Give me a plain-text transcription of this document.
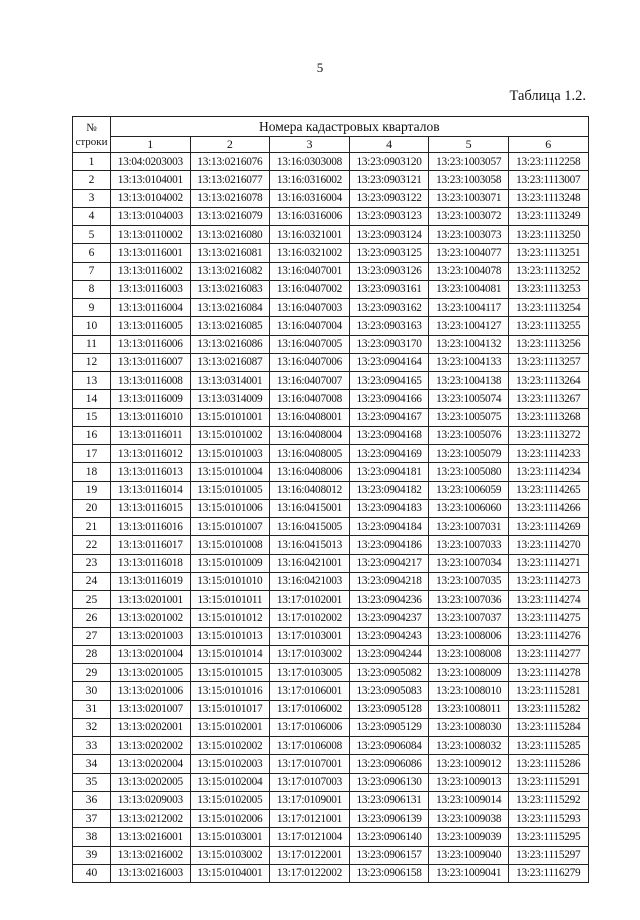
5
Таблица 1.2.
№
строки	Номера кадастровых кварталов					
	1	2	3	4	5	6
1	13:04:0203003	13:13:0216076	13:16:0303008	13:23:0903120	13:23:1003057	13:23:1112258
2	13:13:0104001	13:13:0216077	13:16:0316002	13:23:0903121	13:23:1003058	13:23:1113007
3	13:13:0104002	13:13:0216078	13:16:0316004	13:23:0903122	13:23:1003071	13:23:1113248
4	13:13:0104003	13:13:0216079	13:16:0316006	13:23:0903123	13:23:1003072	13:23:1113249
5	13:13:0110002	13:13:0216080	13:16:0321001	13:23:0903124	13:23:1003073	13:23:1113250
6	13:13:0116001	13:13:0216081	13:16:0321002	13:23:0903125	13:23:1004077	13:23:1113251
7	13:13:0116002	13:13:0216082	13:16:0407001	13:23:0903126	13:23:1004078	13:23:1113252
8	13:13:0116003	13:13:0216083	13:16:0407002	13:23:0903161	13:23:1004081	13:23:1113253
9	13:13:0116004	13:13:0216084	13:16:0407003	13:23:0903162	13:23:1004117	13:23:1113254
10	13:13:0116005	13:13:0216085	13:16:0407004	13:23:0903163	13:23:1004127	13:23:1113255
11	13:13:0116006	13:13:0216086	13:16:0407005	13:23:0903170	13:23:1004132	13:23:1113256
12	13:13:0116007	13:13:0216087	13:16:0407006	13:23:0904164	13:23:1004133	13:23:1113257
13	13:13:0116008	13:13:0314001	13:16:0407007	13:23:0904165	13:23:1004138	13:23:1113264
14	13:13:0116009	13:13:0314009	13:16:0407008	13:23:0904166	13:23:1005074	13:23:1113267
15	13:13:0116010	13:15:0101001	13:16:0408001	13:23:0904167	13:23:1005075	13:23:1113268
16	13:13:0116011	13:15:0101002	13:16:0408004	13:23:0904168	13:23:1005076	13:23:1113272
17	13:13:0116012	13:15:0101003	13:16:0408005	13:23:0904169	13:23:1005079	13:23:1114233
18	13:13:0116013	13:15:0101004	13:16:0408006	13:23:0904181	13:23:1005080	13:23:1114234
19	13:13:0116014	13:15:0101005	13:16:0408012	13:23:0904182	13:23:1006059	13:23:1114265
20	13:13:0116015	13:15:0101006	13:16:0415001	13:23:0904183	13:23:1006060	13:23:1114266
21	13:13:0116016	13:15:0101007	13:16:0415005	13:23:0904184	13:23:1007031	13:23:1114269
22	13:13:0116017	13:15:0101008	13:16:0415013	13:23:0904186	13:23:1007033	13:23:1114270
23	13:13:0116018	13:15:0101009	13:16:0421001	13:23:0904217	13:23:1007034	13:23:1114271
24	13:13:0116019	13:15:0101010	13:16:0421003	13:23:0904218	13:23:1007035	13:23:1114273
25	13:13:0201001	13:15:0101011	13:17:0102001	13:23:0904236	13:23:1007036	13:23:1114274
26	13:13:0201002	13:15:0101012	13:17:0102002	13:23:0904237	13:23:1007037	13:23:1114275
27	13:13:0201003	13:15:0101013	13:17:0103001	13:23:0904243	13:23:1008006	13:23:1114276
28	13:13:0201004	13:15:0101014	13:17:0103002	13:23:0904244	13:23:1008008	13:23:1114277
29	13:13:0201005	13:15:0101015	13:17:0103005	13:23:0905082	13:23:1008009	13:23:1114278
30	13:13:0201006	13:15:0101016	13:17:0106001	13:23:0905083	13:23:1008010	13:23:1115281
31	13:13:0201007	13:15:0101017	13:17:0106002	13:23:0905128	13:23:1008011	13:23:1115282
32	13:13:0202001	13:15:0102001	13:17:0106006	13:23:0905129	13:23:1008030	13:23:1115284
33	13:13:0202002	13:15:0102002	13:17:0106008	13:23:0906084	13:23:1008032	13:23:1115285
34	13:13:0202004	13:15:0102003	13:17:0107001	13:23:0906086	13:23:1009012	13:23:1115286
35	13:13:0202005	13:15:0102004	13:17:0107003	13:23:0906130	13:23:1009013	13:23:1115291
36	13:13:0209003	13:15:0102005	13:17:0109001	13:23:0906131	13:23:1009014	13:23:1115292
37	13:13:0212002	13:15:0102006	13:17:0121001	13:23:0906139	13:23:1009038	13:23:1115293
38	13:13:0216001	13:15:0103001	13:17:0121004	13:23:0906140	13:23:1009039	13:23:1115295
39	13:13:0216002	13:15:0103002	13:17:0122001	13:23:0906157	13:23:1009040	13:23:1115297
40	13:13:0216003	13:15:0104001	13:17:0122002	13:23:0906158	13:23:1009041	13:23:1116279
